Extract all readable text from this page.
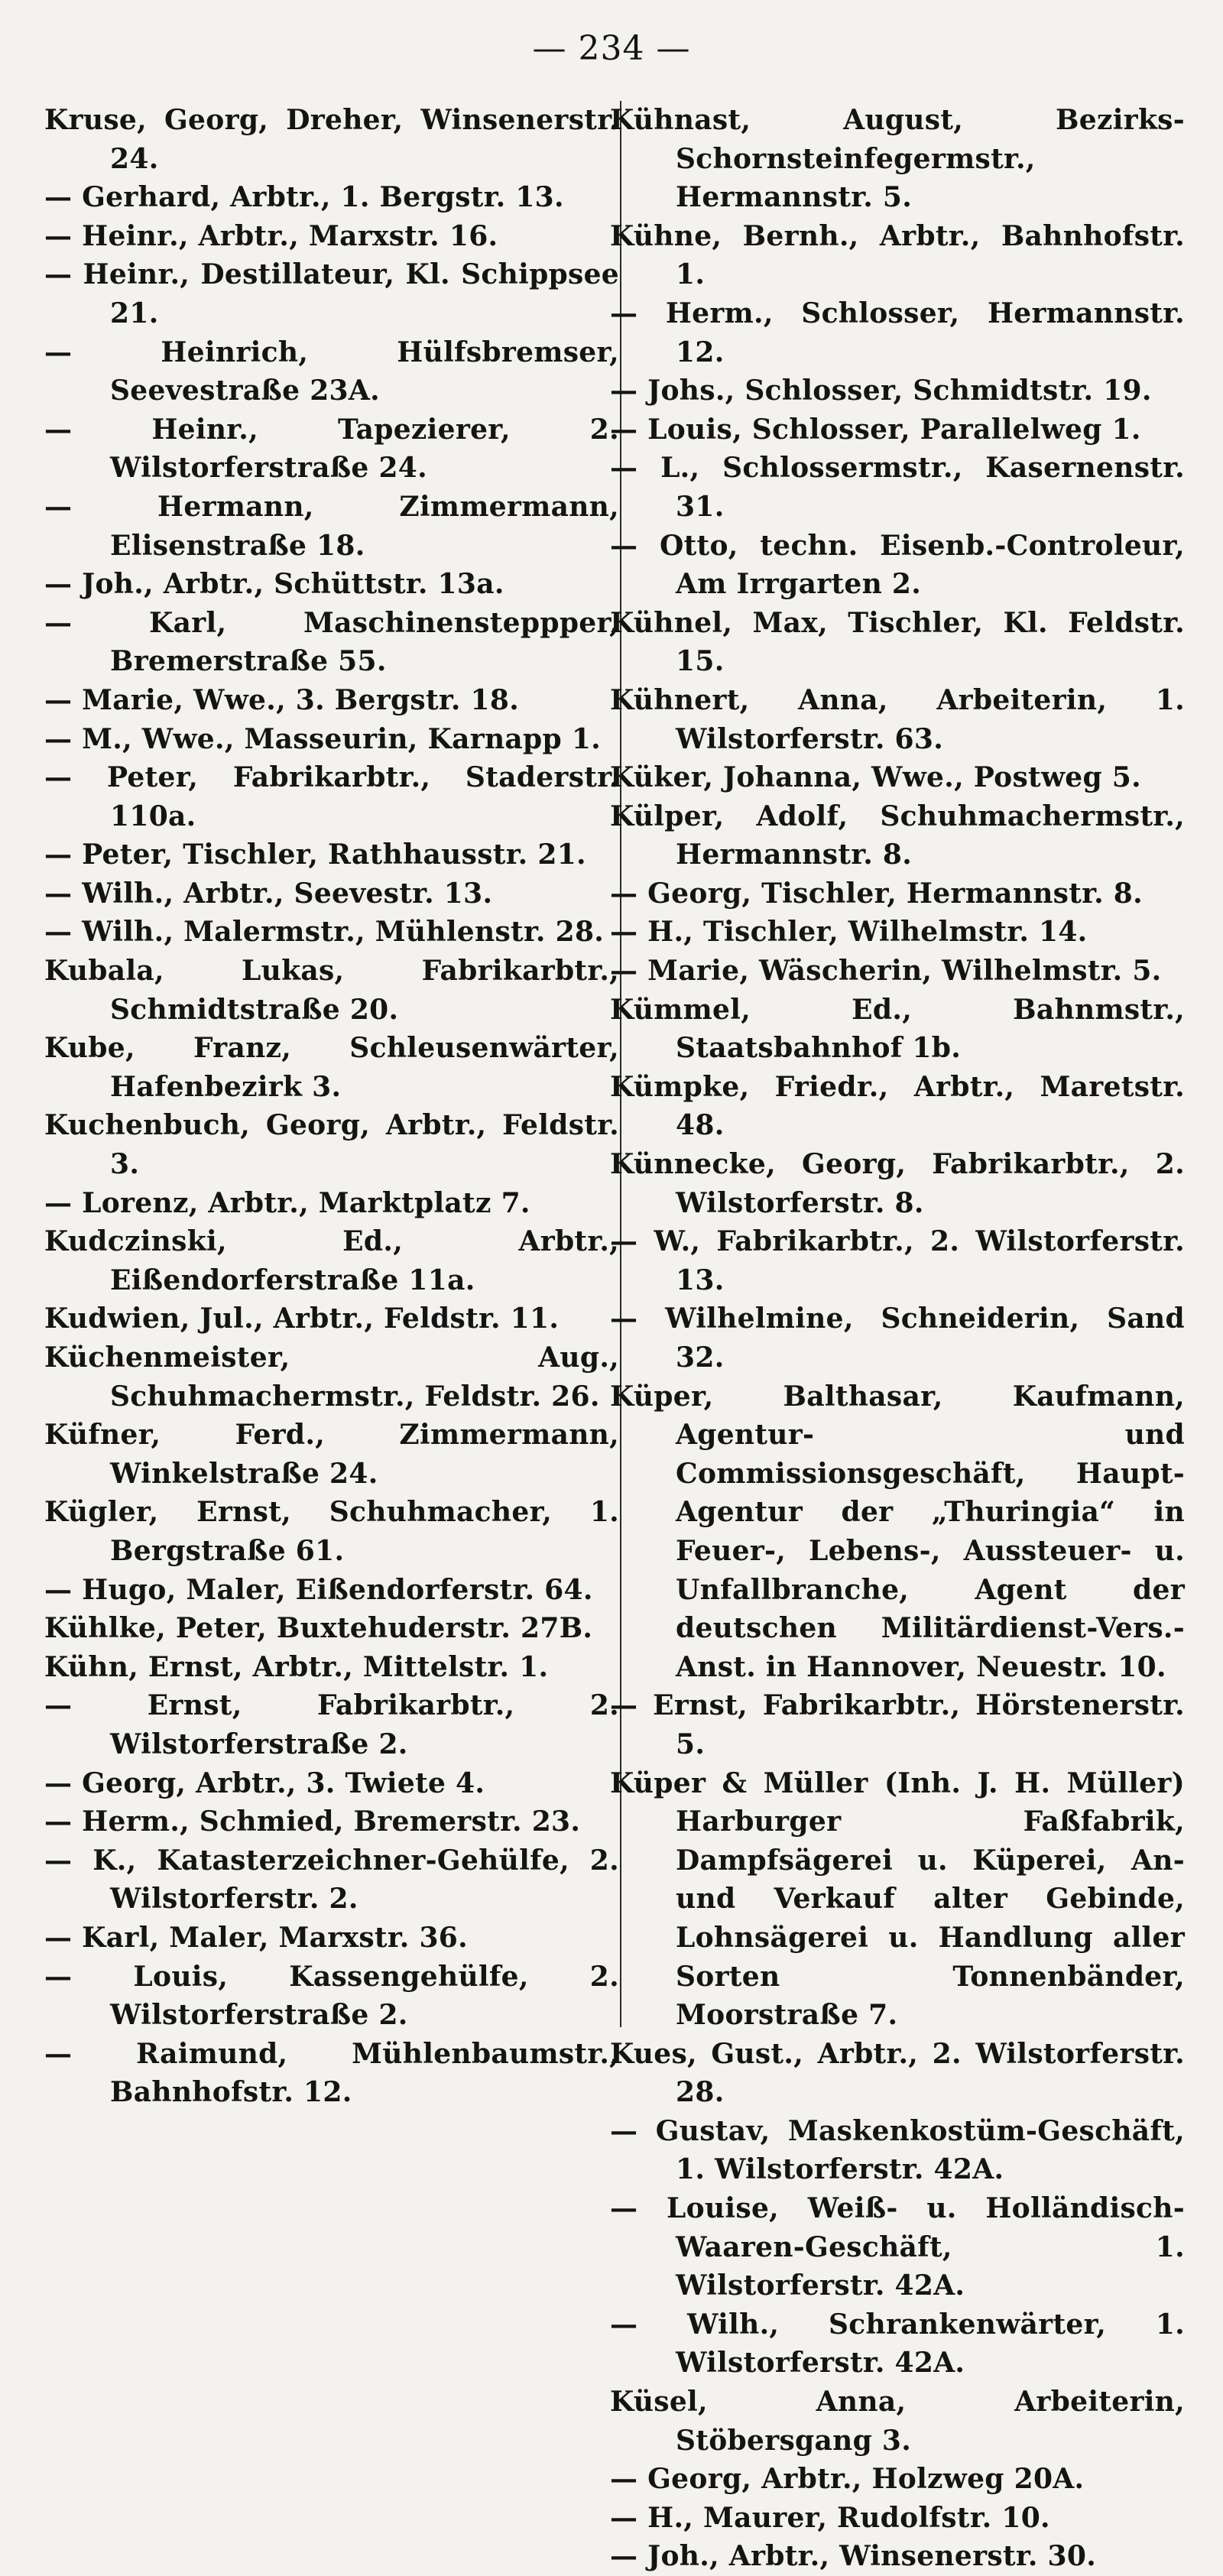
— 234 —
Kruse, Georg, Dreher, Winsenerstr. 24.
— Gerhard, Arbtr., 1. Bergstr. 13.
— Heinr., Arbtr., Marxstr. 16.
— Heinr., Destillateur, Kl. Schippsee 21.
— Heinrich, Hülfsbremser, Seevestraße 23A.
— Heinr., Tapezierer, 2. Wilstorferstraße 24.
— Hermann, Zimmermann, Elisenstraße 18.
— Joh., Arbtr., Schüttstr. 13a.
— Karl, Maschinensteppper, Bremerstraße 55.
— Marie, Wwe., 3. Bergstr. 18.
— M., Wwe., Masseurin, Karnapp 1.
— Peter, Fabrikarbtr., Staderstr. 110a.
— Peter, Tischler, Rathhausstr. 21.
— Wilh., Arbtr., Seevestr. 13.
— Wilh., Malermstr., Mühlenstr. 28.
Kubala, Lukas, Fabrikarbtr., Schmidtstraße 20.
Kube, Franz, Schleusenwärter, Hafenbezirk 3.
Kuchenbuch, Georg, Arbtr., Feldstr. 3.
— Lorenz, Arbtr., Marktplatz 7.
Kudczinski, Ed., Arbtr., Eißendorferstraße 11a.
Kudwien, Jul., Arbtr., Feldstr. 11.
Küchenmeister, Aug., Schuhmachermstr., Feldstr. 26.
Küfner, Ferd., Zimmermann, Winkelstraße 24.
Kügler, Ernst, Schuhmacher, 1. Bergstraße 61.
— Hugo, Maler, Eißendorferstr. 64.
Kühlke, Peter, Buxtehuderstr. 27B.
Kühn, Ernst, Arbtr., Mittelstr. 1.
— Ernst, Fabrikarbtr., 2. Wilstorferstraße 2.
— Georg, Arbtr., 3. Twiete 4.
— Herm., Schmied, Bremerstr. 23.
— K., Katasterzeichner-Gehülfe, 2. Wilstorferstr. 2.
— Karl, Maler, Marxstr. 36.
— Louis, Kassengehülfe, 2. Wilstorferstraße 2.
— Raimund, Mühlenbaumstr., Bahnhofstr. 12.
Kühnast, August, Bezirks-Schornsteinfegermstr., Hermannstr. 5.
Kühne, Bernh., Arbtr., Bahnhofstr. 1.
— Herm., Schlosser, Hermannstr. 12.
— Johs., Schlosser, Schmidtstr. 19.
— Louis, Schlosser, Parallelweg 1.
— L., Schlossermstr., Kasernenstr. 31.
— Otto, techn. Eisenb.-Controleur, Am Irrgarten 2.
Kühnel, Max, Tischler, Kl. Feldstr. 15.
Kühnert, Anna, Arbeiterin, 1. Wilstorferstr. 63.
Küker, Johanna, Wwe., Postweg 5.
Külper, Adolf, Schuhmachermstr., Hermannstr. 8.
— Georg, Tischler, Hermannstr. 8.
— H., Tischler, Wilhelmstr. 14.
— Marie, Wäscherin, Wilhelmstr. 5.
Kümmel, Ed., Bahnmstr., Staatsbahnhof 1b.
Kümpke, Friedr., Arbtr., Maretstr. 48.
Künnecke, Georg, Fabrikarbtr., 2. Wilstorferstr. 8.
— W., Fabrikarbtr., 2. Wilstorferstr. 13.
— Wilhelmine, Schneiderin, Sand 32.
Küper, Balthasar, Kaufmann, Agentur- und Commissionsgeschäft, Haupt-Agentur der „Thuringia“ in Feuer-, Lebens-, Aussteuer- u. Unfallbranche, Agent der deutschen Militärdienst-Vers.-Anst. in Hannover, Neuestr. 10.
— Ernst, Fabrikarbtr., Hörstenerstr. 5.
Küper & Müller (Inh. J. H. Müller) Harburger Faßfabrik, Dampfsägerei u. Küperei, An- und Verkauf alter Gebinde, Lohnsägerei u. Handlung aller Sorten Tonnenbänder, Moorstraße 7.
Kues, Gust., Arbtr., 2. Wilstorferstr. 28.
— Gustav, Maskenkostüm-Geschäft, 1. Wilstorferstr. 42A.
— Louise, Weiß- u. Holländisch-Waaren-Geschäft, 1. Wilstorferstr. 42A.
— Wilh., Schrankenwärter, 1. Wilstorferstr. 42A.
Küsel, Anna, Arbeiterin, Stöbersgang 3.
— Georg, Arbtr., Holzweg 20A.
— H., Maurer, Rudolfstr. 10.
— Joh., Arbtr., Winsenerstr. 30.
